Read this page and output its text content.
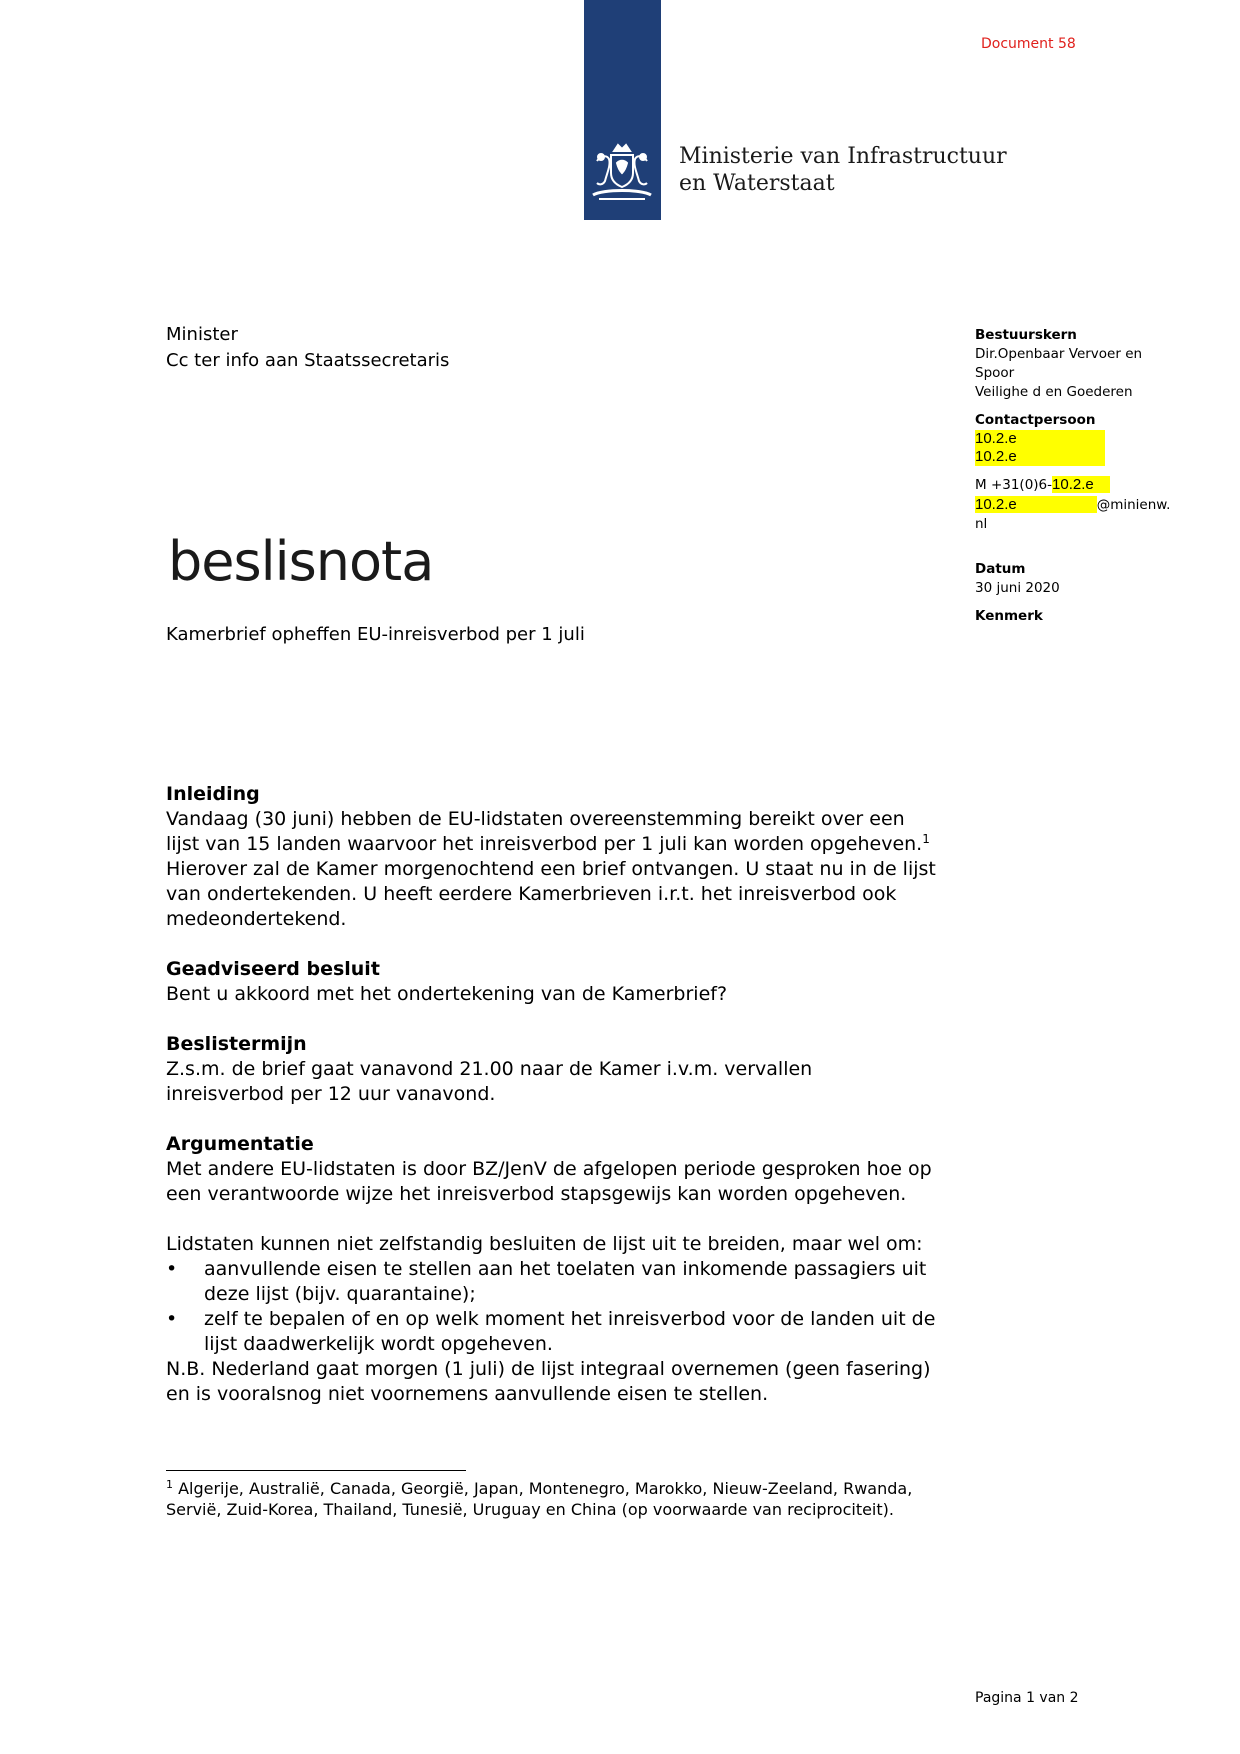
Document 58
Ministerie van Infrastructuur
en Waterstaat
Minister
Cc ter info aan Staatssecretaris
Bestuurskern
Dir.Openbaar Vervoer en
Spoor
Veilighe d en Goederen
Contactpersoon
10.2.e
10.2.e
M +31(0)6-10.2.e
10.2.e	@minienw.
nl
Datum
30 juni 2020
Kenmerk
beslisnota
Kamerbrief opheffen EU-inreisverbod per 1 juli
Inleiding

Vandaag (30 juni) hebben de EU-lidstaten overeenstemming bereikt over een lijst van 15 landen waarvoor het inreisverbod per 1 juli kan worden opgeheven.$^1$ Hierover zal de Kamer morgenochtend een brief ontvangen. U staat nu in de lijst van ondertekenden. U heeft eerdere Kamerbrieven i.r.t. het inreisverbod ook medeondertekend.

Geadviseerd besluit

Bent u akkoord met het ondertekening van de Kamerbrief?

Beslistermijn

Z.s.m. de brief gaat vanavond 21.00 naar de Kamer i.v.m. vervallen inreisverbod per 12 uur vanavond.

Argumentatie

Met andere EU-lidstaten is door BZ/JenV de afgelopen periode gesproken hoe op een verantwoorde wijze het inreisverbod stapsgewijs kan worden opgeheven.

Lidstaten kunnen niet zelfstandig besluiten de lijst uit te breiden, maar wel om:

• aanvullende eisen te stellen aan het toelaten van inkomende passagiers uit deze lijst (bijv. quarantaine);
• zelf te bepalen of en op welk moment het inreisverbod voor de landen uit de lijst daadwerkelijk wordt opgeheven.

N.B. Nederland gaat morgen (1 juli) de lijst integraal overnemen (geen fasering) en is vooralsnog niet voornemens aanvullende eisen te stellen.

$^1$ Algerije, Australië, Canada, Georgië, Japan, Montenegro, Marokko, Nieuw-Zeeland, Rwanda, Servië, Zuid-Korea, Thailand, Tunesië, Uruguay en China (op voorwaarde van reciprociteit).
Pagina 1 van 2
